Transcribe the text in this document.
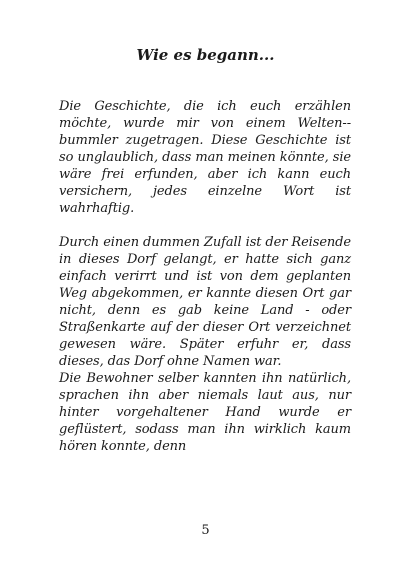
Wie es begann...

Die Geschichte, die ich euch erzählen möchte, wurde mir von einem Welten-- bummler zugetragen. Diese Geschichte ist so unglaublich, dass man meinen könnte, sie wäre frei erfunden, aber ich kann euch versichern, jedes einzelne Wort ist wahrhaftig.

Durch einen dummen Zufall ist der Reisende in dieses Dorf gelangt, er hatte sich ganz einfach verirrt und ist von dem geplanten Weg abgekommen, er kannte diesen Ort gar nicht, denn es gab keine Land - oder Straßenkarte auf der dieser Ort verzeichnet gewesen wäre. Später erfuhr er, dass dieses, das Dorf ohne Namen war.

Die Bewohner selber kannten ihn natürlich, sprachen ihn aber niemals laut aus, nur hinter vorgehaltener Hand wurde er geflüstert, sodass man ihn wirklich kaum hören konnte, denn

5
